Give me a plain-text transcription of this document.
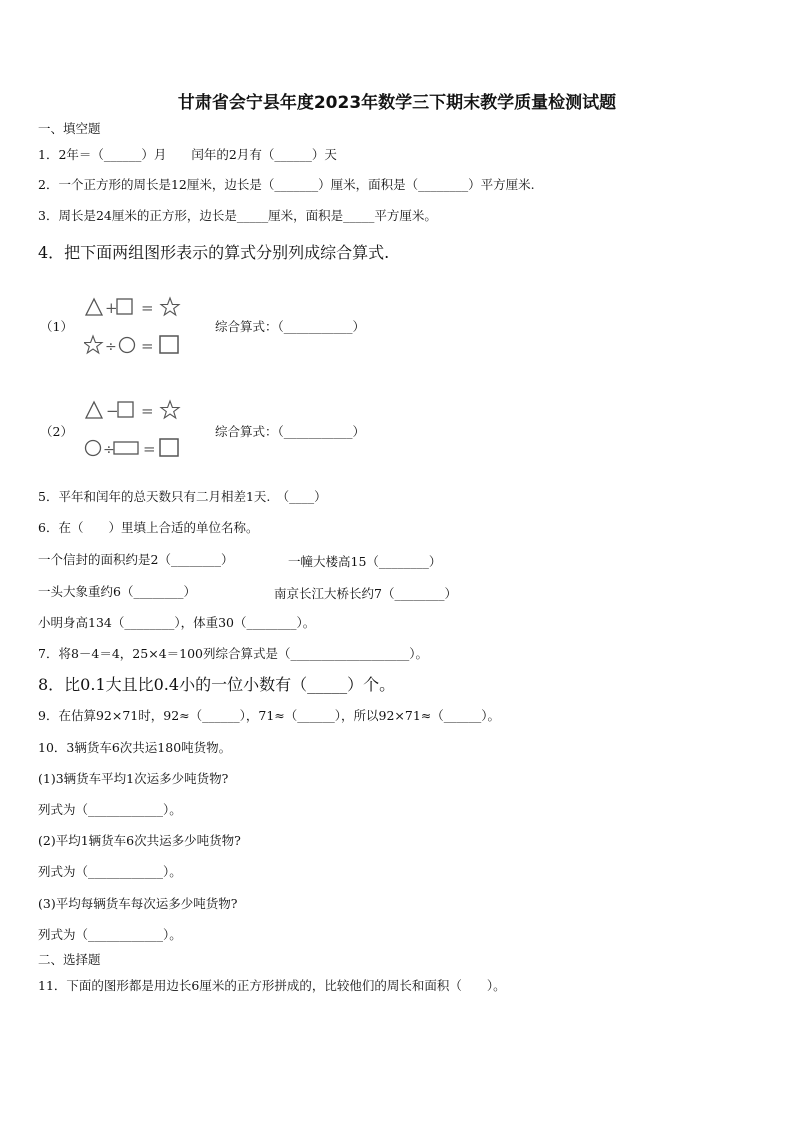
甘肃省会宁县年度2023年数学三下期末教学质量检测试题
一、填空题
1．2年＝（______）月　　闰年的2月有（______）天
2．一个正方形的周长是12厘米，边长是（_______）厘米，面积是（________）平方厘米.
3．周长是24厘米的正方形，边长是_____厘米，面积是_____平方厘米。
4．把下面两组图形表示的算式分别列成综合算式.
（1）
+ =
÷ =
综合算式：（___________）
（2）
− =
÷ =
综合算式：（___________）
5．平年和闰年的总天数只有二月相差1天.　（____）
6．在（　　）里填上合适的单位名称。
一个信封的面积约是2（________）	一幢大楼高15（________）
一头大象重约6（________）	南京长江大桥长约7（________）
小明身高134（________），体重30（________）。
7．将8－4＝4，25×4＝100列综合算式是（___________________）。
8．比0.1大且比0.4小的一位小数有（_____）个。
9．在估算92×71时，92≈（______），71≈（______），所以92×71≈（______）。
10．3辆货车6次共运180吨货物。
(1)3辆货车平均1次运多少吨货物?
列式为（____________）。
(2)平均1辆货车6次共运多少吨货物?
列式为（____________）。
(3)平均每辆货车每次运多少吨货物?
列式为（____________）。
二、选择题
11．下面的图形都是用边长6厘米的正方形拼成的，比较他们的周长和面积（　　）。
